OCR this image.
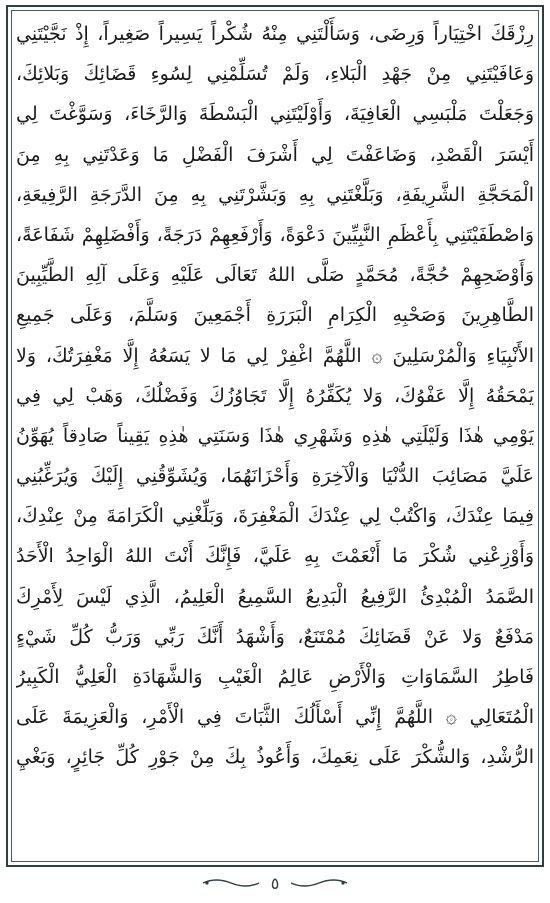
رِزْقَكَ اخْتِيَاراً وَرِضَى، وَسَأَلْتَنِي مِنْهُ شُكْراً يَسِيراً صَغِيراً، إِذْ نَجَّيْتَنِي
وَعَافَيْتَنِي مِنْ جَهْدِ الْبَلاءِ، وَلَمْ تُسَلِّمْنِي لِسُوءِ قَضَائِكَ وَبَلائِكَ،
وَجَعَلْتَ مَلْبَسِي الْعَافِيَةَ، وَأَوْلَيْتَنِي الْبَسْطَةَ وَالرَّخَاءَ، وَسَوَّغْتَ لِي
أَيْسَرَ الْقَصْدِ، وَضَاعَفْتَ لِي أَشْرَفَ الْفَضْلِ مَا وَعَدْتَنِي بِهِ مِنَ
الْمَحَجَّةِ الشَّرِيفَةِ، وَبَلَّغْتَنِي بِهِ وَبَشَّرْتَنِي بِهِ مِنَ الدَّرَجَةِ الرَّفِيعَةِ،
وَاصْطَفَيْتَنِي بِأَعْظَمِ النَّبِيِّينَ دَعْوَةً، وَأَرْفَعِهِمْ دَرَجَةً، وَأَفْضَلِهِمْ شَفَاعَةً،
وَأَوْضَحِهِمْ حُجَّةً، مُحَمَّدٍ صَلَّى اللهُ تَعَالَى عَلَيْهِ وَعَلَى آلِهِ الطَّيِّبِينَ
الطَّاهِرِينَ وَصَحْبِهِ الْكِرَامِ الْبَرَرَةِ أَجْمَعِينَ وَسَلَّمَ، وَعَلَى جَمِيعِ
الأَنْبِيَاءِ وَالْمُرْسَلِينَ ۞ اللَّهُمَّ اغْفِرْ لِي مَا لا يَسَعُهُ إِلَّا مَغْفِرَتُكَ، وَلا
يَمْحَقُهُ إِلَّا عَفْوُكَ، وَلا يُكَفِّرُهُ إِلَّا تَجَاوُزُكَ وَفَضْلُكَ، وَهَبْ لِي فِي
يَوْمِي هٰذَا وَلَيْلَتِي هٰذِهِ وَشَهْرِي هٰذَا وَسَنَتِي هٰذِهِ يَقِيناً صَادِقاً يُهَوِّنُ
عَلَيَّ مَصَائِبَ الدُّنْيَا وَالْآخِرَةِ وَأَحْزَانَهُمَا، وَيُشَوِّقُنِي إِلَيْكَ وَيُرَغِّبُنِي
فِيمَا عِنْدَكَ، وَاكْتُبْ لِي عِنْدَكَ الْمَغْفِرَةَ، وَبَلِّغْنِي الْكَرَامَةَ مِنْ عِنْدِكَ،
وَأَوْزِعْنِي شُكْرَ مَا أَنْعَمْتَ بِهِ عَلَيَّ، فَإِنَّكَ أَنْتَ اللهُ الْوَاحِدُ الْأَحَدُ
الصَّمَدُ الْمُبْدِئُ الرَّفِيعُ الْبَدِيعُ السَّمِيعُ الْعَلِيمُ، الَّذِي لَيْسَ لِأَمْرِكَ
مَدْفَعٌ وَلا عَنْ قَضَائِكَ مُمْتَنَعٌ، وَأَشْهَدُ أَنَّكَ رَبِّي وَرَبُّ كُلِّ شَيْءٍ
فَاطِرُ السَّمَاوَاتِ وَالْأَرْضِ عَالِمُ الْغَيْبِ وَالشَّهَادَةِ الْعَلِيُّ الْكَبِيرُ
الْمُتَعَالِي ۞ اللَّهُمَّ إِنِّي أَسْأَلُكَ الثَّبَاتَ فِي الْأَمْرِ، وَالْعَزِيمَةَ عَلَى
الرُّشْدِ، وَالشُّكْرَ عَلَى نِعَمِكَ، وَأَعُوذُ بِكَ مِنْ جَوْرِ كُلِّ جَائِرٍ، وَبَغْيِ
٥
